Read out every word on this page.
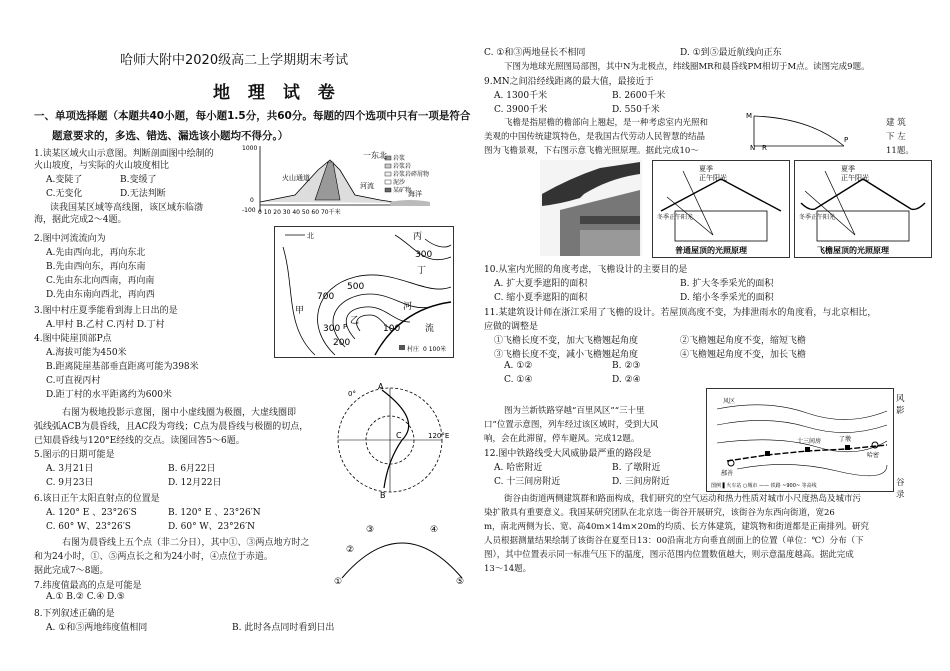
哈师大附中2020级高二上学期期末考试
地 理 试 卷
一、单项选择题（本题共40小题，每小题1.5分，共60分。每题的四个选项中只有一项是符合
题意要求的，多选、错选、漏选该小题均不得分。）
1.读某区域火山示意图。判断剖面图中绘制的
火山坡度，与实际的火山坡度相比
A.变陡了	B.变缓了
C.无变化	D.无法判断
读我国某区域等高线图，该区域东临渤
海，据此完成2～4题。
2.图中河流流向为
A.先由西向北，再向东北
B.先由西向东，再向东南
C.先由东北向西南，再向南
D.先由东南向西北，再向西
3.图中村庄夏季能看到海上日出的是
A.甲村 B.乙村 C.丙村 D.丁村
4.图中陡崖顶部P点
A.海拔可能为450米
B.距离陡崖基部垂直距离可能为398米
C.可直视丙村
D.距丁村的水平距离约为600米
右图为极地投影示意图，图中小虚线圈为极圈，大虚线圈即
弧线弧ACB为晨昏线，且AC段为弯线；C点为晨昏线与极圈的切点，
已知晨昏线与120°E经线的交点。读图回答5～6题。
5.图示的日期可能是
A. 3月21日	B. 6月22日
C. 9月23日	D. 12月22日
6.该日正午太阳直射点的位置是
A. 120° E 、23°26′S	B. 120° E 、23°26′N
C. 60° W、23°26′S	D. 60° W、23°26′N
右图为晨昏线上五个点（非二分日），其中①、③两点地方时之
和为24小时，①、⑤两点长之和为24小时，④点位于赤道。
据此完成7～8题。
7.纬度值最高的点是可能是
A.① B.② C.④ D.⑤
8.下列叙述正确的是
A. ①和⑤两地纬度值相同	B. 此时各点同时看到日出
岩浆
岩浆岩
岩浆岩碎屑物
泥沙
某矿物
一东北
火山通道
河流
海洋
1000
0
-100 0 10 20 30 40 50 60 70千米
北
300
700
500
300
200
100
丙
丁
甲
乙
河
流
P
村庄 0 100米
A
B
C
0°
120°E
①
②
③	④
⑤
C. ①和③两地昼长不相同	D. ①到⑤最近航线向正东
下图为地球光照图局部图，其中N为北极点，纬线圈MR和晨昏线PM相切于M点。读图完成9题。
9.MN之间沿经线距离的最大值，最接近于
A. 1300千米	B. 2600千米
C. 3900千米	D. 550千米
M
N R
P
飞檐是指屋檐的檐部向上翘起，是一种考虑室内光照和	建 筑
美观的中国传统建筑特色，是我国古代劳动人民智慧的结晶	下 左
图为飞檐景观，下右图示意飞檐光照原理。据此完成10～	11题。
夏季
正午阳光
冬季正午阳光
普通屋顶的光照原理
夏季
正午阳光
冬季正午阳光
飞檐屋顶的光照原理
10.从室内光照的角度考虑，飞檐设计的主要目的是
A. 扩大夏季遮阳的面积	B. 扩大冬季采光的面积
C. 缩小夏季遮阳的面积	D. 缩小冬季采光的面积
11.某建筑设计师在浙江采用了飞檐的设计。若屋顶高度不变，为排泄雨水的角度看，与北京相比，
应做的调整是
①飞檐长度不变，加大飞檐翘起角度	②飞檐翘起角度不变，缩短飞檐
③飞檐长度不变，减小飞檐翘起角度	④飞檐翘起角度不变，加长飞檐
A. ①②	B. ②③
C. ①④	D. ②④
图为兰新铁路穿越“百里风区”“三十里
口”位置示意图，列车经过该区域时，受到大风
响，会在此滞留，停车避风。完成12题。
12.图中铁路线受大风威胁最严重的路段是
A. 哈密附近	B. 了墩附近
C. 十三间房附近	D. 三间房附近
风 影
谷 录
风区
哈密
十三间房	了墩
鄯善
图例 ▌火车站 ○城市 —— 铁路 ~900~ 等高线
街谷由街道两侧建筑群和路面构成，我们研究的空气运动和热力性质对城市小尺度热岛及城市污
染扩散具有重要意义。我国某研究团队在北京选一街谷开展研究，该街谷为东西向街道，宽26
m，南北两侧为长、宽、高40m×14m×20m的均质、长方体建筑，建筑物和街道都是正南排列。研究
人员根据测量结果绘制了该街谷在夏至日13：00沿南北方向垂直剖面上的位置（单位：℃）分布（下
图），其中位置表示同一标准气压下的温度，图示范围内位置数值越大，则示意温度越高。据此完成
13～14题。
